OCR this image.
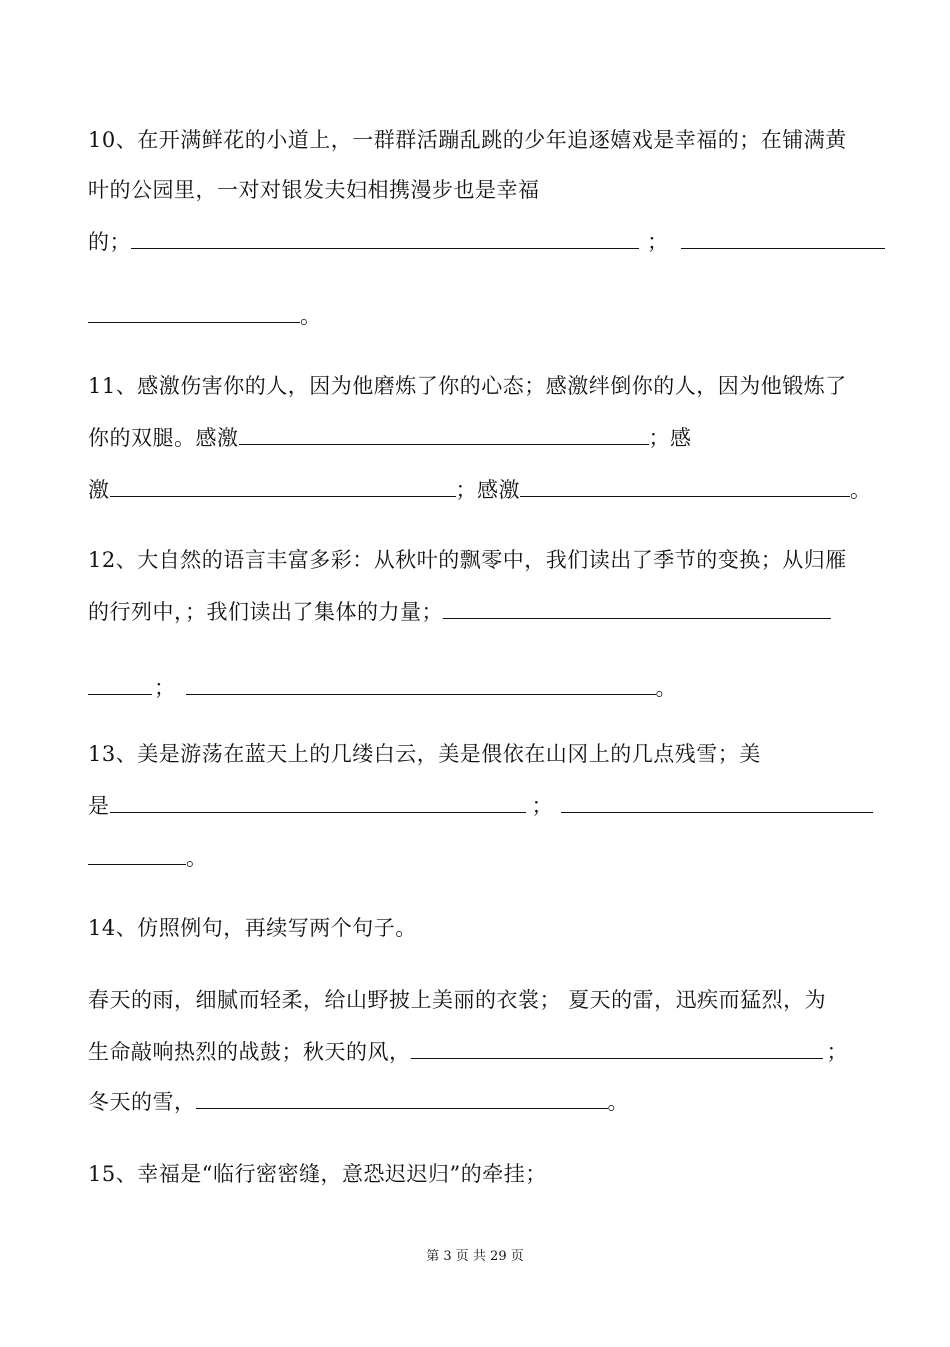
10、在开满鲜花的小道上，一群群活蹦乱跳的少年追逐嬉戏是幸福的；在铺满黄
叶的公园里，一对对银发夫妇相携漫步也是幸福
的；	；
。
11、感激伤害你的人，因为他磨炼了你的心态；感激绊倒你的人，因为他锻炼了
你的双腿。感激	；感
激	；感激	。
12、大自然的语言丰富多彩：从秋叶的飘零中，我们读出了季节的变换；从归雁
的行列中，；我们读出了集体的力量；
；	。
13、美是游荡在蓝天上的几缕白云，美是偎依在山冈上的几点残雪；美
是	；
。
14、仿照例句，再续写两个句子。
春天的雨，细腻而轻柔，给山野披上美丽的衣裳； 夏天的雷，迅疾而猛烈，为
生命敲响热烈的战鼓；秋天的风，	；
冬天的雪，	。
15、幸福是“临行密密缝，意恐迟迟归”的牵挂；
第 3 页 共 29 页
